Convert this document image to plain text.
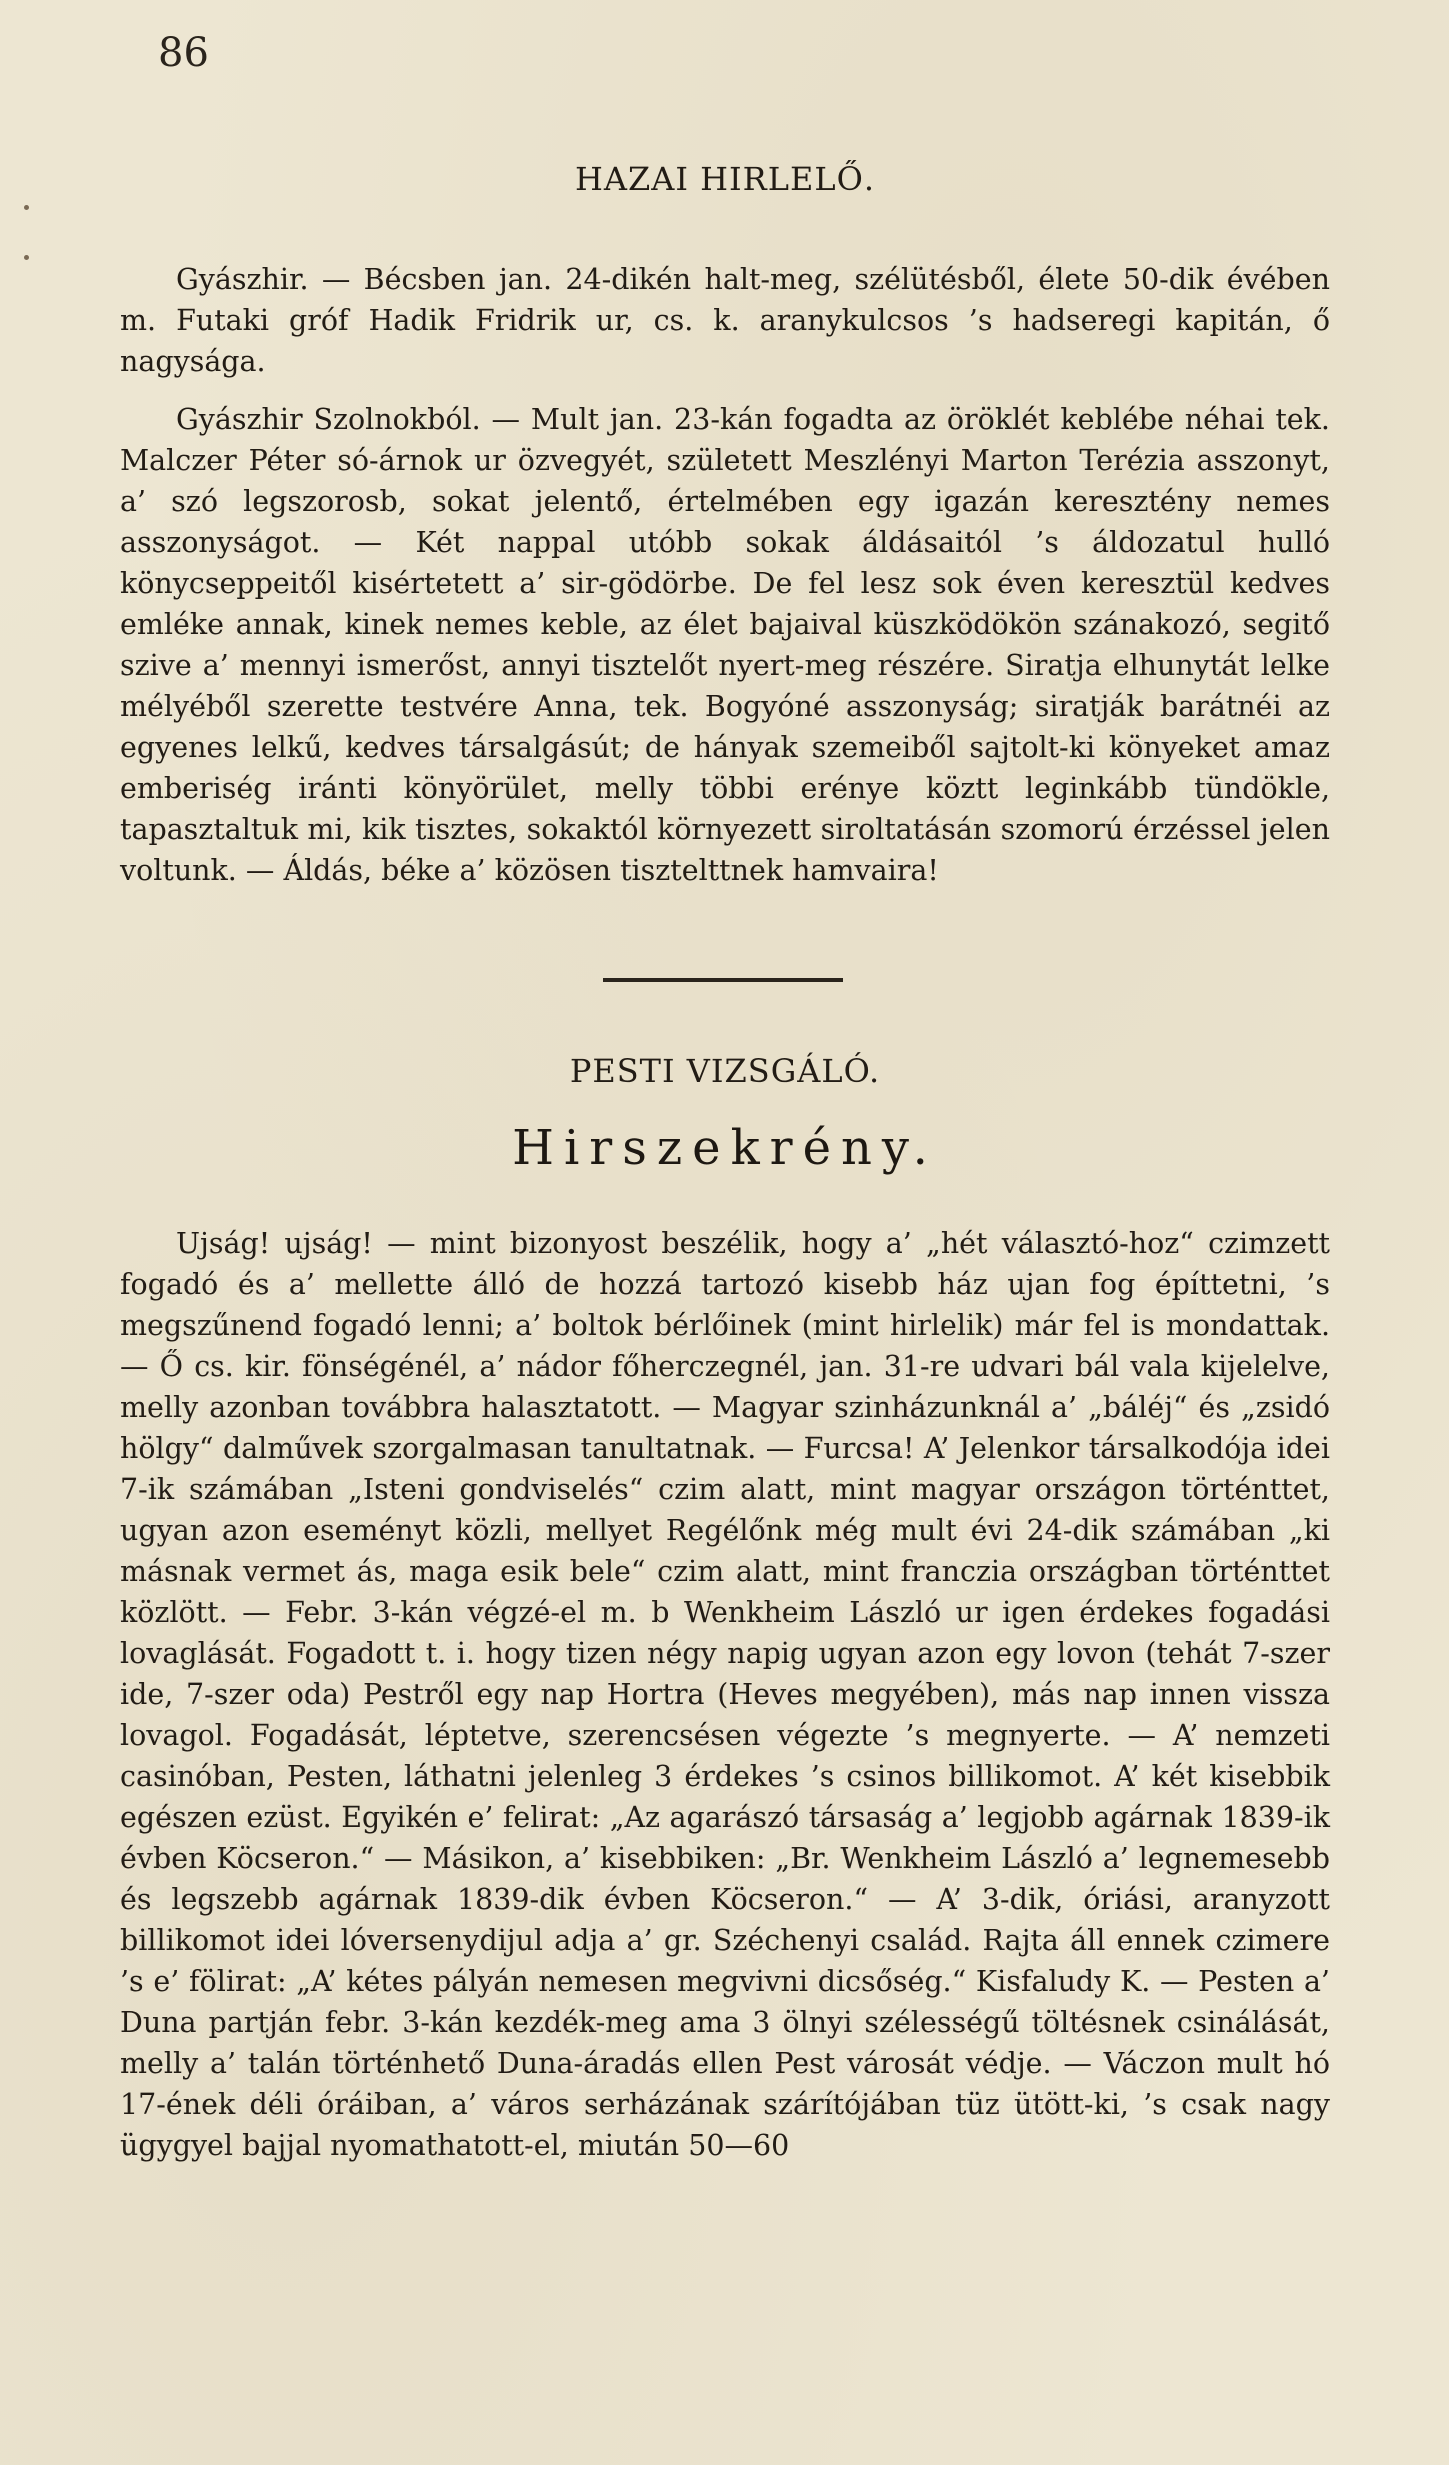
86
HAZAI HIRLELŐ.

Gyászhir. — Bécsben jan. 24-dikén halt-meg, szélütésből, élete 50-dik évében m. Futaki gróf Hadik Fridrik ur, cs. k. aranykulcsos ’s hadseregi kapitán, ő nagysága.

Gyászhir Szolnokból. — Mult jan. 23-kán fogadta az öröklét keblébe néhai tek. Malczer Péter só-árnok ur özvegyét, született Meszlényi Marton Terézia asszonyt, a’ szó legszorosb, sokat jelentő, értelmében egy igazán keresztény nemes asszonyságot. — Két nappal utóbb sokak áldásaitól ’s áldozatul hulló könycseppeitől kisértetett a’ sir-gödörbe. De fel lesz sok éven keresztül kedves emléke annak, kinek nemes keble, az élet bajaival küszködökön szánakozó, segitő szive a’ mennyi ismerőst, annyi tisztelőt nyert-meg részére. Siratja elhunytát lelke mélyéből szerette testvére Anna, tek. Bogyóné asszonyság; siratják barátnéi az egyenes lelkű, kedves társalgásút; de hányak szemeiből sajtolt-ki könyeket amaz emberiség iránti könyörület, melly többi erénye köztt leginkább tündökle, tapasztaltuk mi, kik tisztes, sokaktól környezett siroltatásán szomorú érzéssel jelen voltunk. — Áldás, béke a’ közösen tisztelttnek hamvaira!

PESTI VIZSGÁLÓ.
Hirszekrény.

Ujság! ujság! — mint bizonyost beszélik, hogy a’ „hét választó-hoz“ czimzett fogadó és a’ mellette álló de hozzá tartozó kisebb ház ujan fog építtetni, ’s megszűnend fogadó lenni; a’ boltok bérlőinek (mint hirlelik) már fel is mondattak. — Ő cs. kir. fönségénél, a’ nádor főherczegnél, jan. 31-re udvari bál vala kijelelve, melly azonban továbbra halasztatott. — Magyar szinházunknál a’ „báléj“ és „zsidó hölgy“ dalművek szorgalmasan tanultatnak. — Furcsa! A’ Jelenkor társalkodója idei 7-ik számában „Isteni gondviselés“ czim alatt, mint magyar országon történttet, ugyan azon eseményt közli, mellyet Regélőnk még mult évi 24-dik számában „ki másnak vermet ás, maga esik bele“ czim alatt, mint franczia országban történttet közlött. — Febr. 3-kán végzé-el m. b Wenkheim László ur igen érdekes fogadási lovaglását. Fogadott t. i. hogy tizen négy napig ugyan azon egy lovon (tehát 7-szer ide, 7-szer oda) Pestről egy nap Hortra (Heves megyében), más nap innen vissza lovagol. Fogadását, léptetve, szerencsésen végezte ’s megnyerte. — A’ nemzeti casinóban, Pesten, láthatni jelenleg 3 érdekes ’s csinos billikomot. A’ két kisebbik egészen ezüst. Egyikén e’ felirat: „Az agarászó társaság a’ legjobb agárnak 1839-ik évben Köcseron.“ — Másikon, a’ kisebbiken: „Br. Wenkheim László a’ legnemesebb és legszebb agárnak 1839-dik évben Köcseron.“ — A’ 3-dik, óriási, aranyzott billikomot idei lóversenydijul adja a’ gr. Széchenyi család. Rajta áll ennek czimere ’s e’ fölirat: „A’ kétes pályán nemesen megvivni dicsőség.“ Kisfaludy K. — Pesten a’ Duna partján febr. 3-kán kezdék-meg ama 3 ölnyi szélességű töltésnek csinálását, melly a’ talán történhető Duna-áradás ellen Pest városát védje. — Váczon mult hó 17-ének déli óráiban, a’ város serházának szárítójában tüz ütött-ki, ’s csak nagy ügygyel bajjal nyomathatott-el, miután 50—60
